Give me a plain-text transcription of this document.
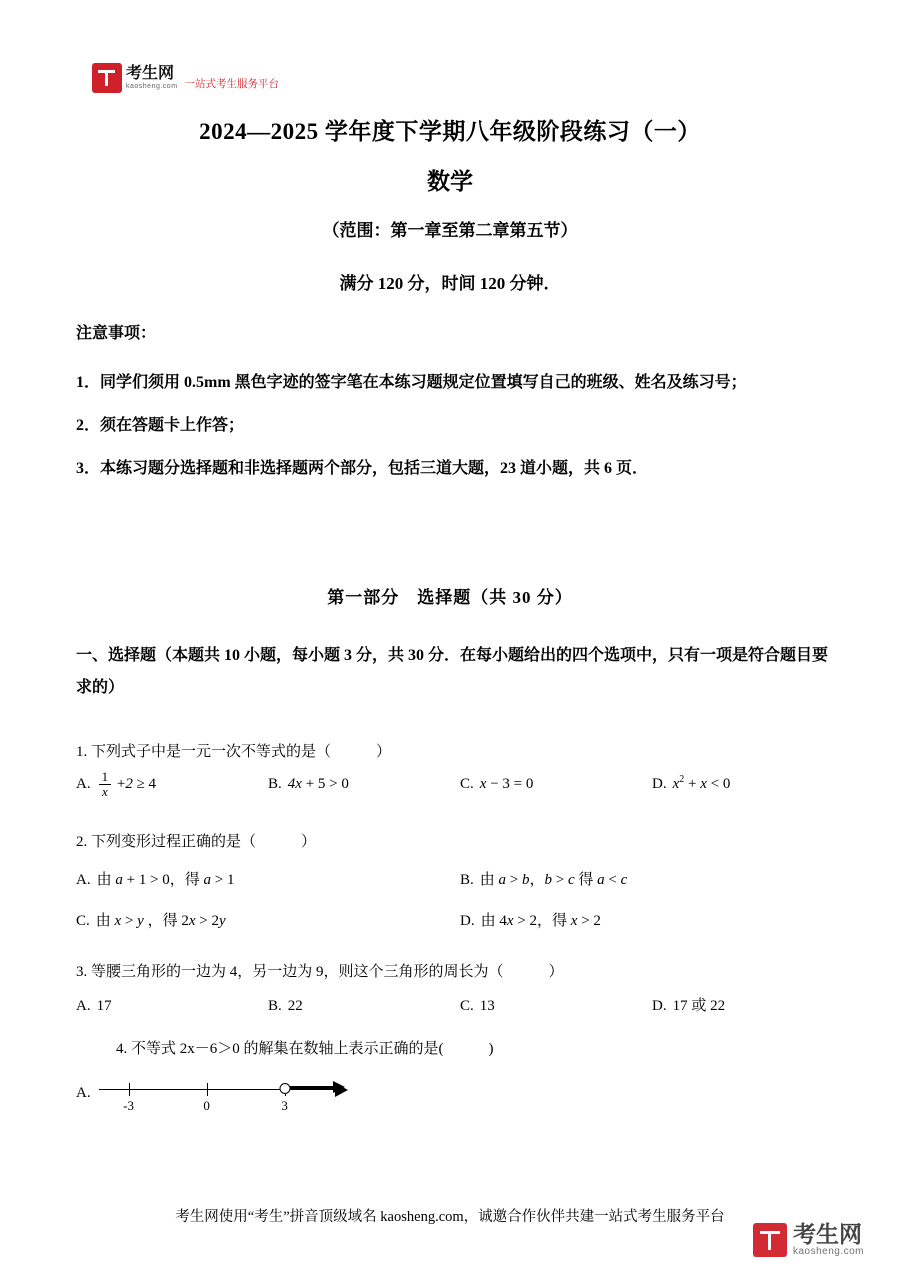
考生网
kaosheng.com 一站式考生服务平台
2024—2025 学年度下学期八年级阶段练习（一）
数学
（范围：第一章至第二章第五节）
满分 120 分，时间 120 分钟．
注意事项：
1．同学们须用 0.5mm 黑色字迹的签字笔在本练习题规定位置填写自己的班级、姓名及练习号；
2．须在答题卡上作答；
3．本练习题分选择题和非选择题两个部分，包括三道大题，23 道小题，共 6 页．
第一部分　选择题（共 30 分）
一、选择题（本题共 10 小题，每小题 3 分，共 30 分．在每小题给出的四个选项中，只有一项是符合题目要求的）
1. 下列式子中是一元一次不等式的是（　　　）
A. $\frac{1}{x} +2 \ge 4$	B. 4x + 5 > 0	C. x − 3 = 0	D. $x^2 + x < 0$
2. 下列变形过程正确的是（　　　）
A. 由 a + 1 > 0，得 a > 1	B. 由 a > b，b > c 得 a < c
C. 由 x > y ，得 2x > 2y	D. 由 4x > 2，得 x > 2
3. 等腰三角形的一边为 4，另一边为 9，则这个三角形的周长为（　　　）
A. 17	B. 22	C. 13	D. 17 或 22
4. 不等式 2x－6＞0 的解集在数轴上表示正确的是(　　　)
A.
-3	0	3
考生网使用“考生”拼音顶级域名 kaosheng.com，诚邀合作伙伴共建一站式考生服务平台
考生网
kaosheng.com
